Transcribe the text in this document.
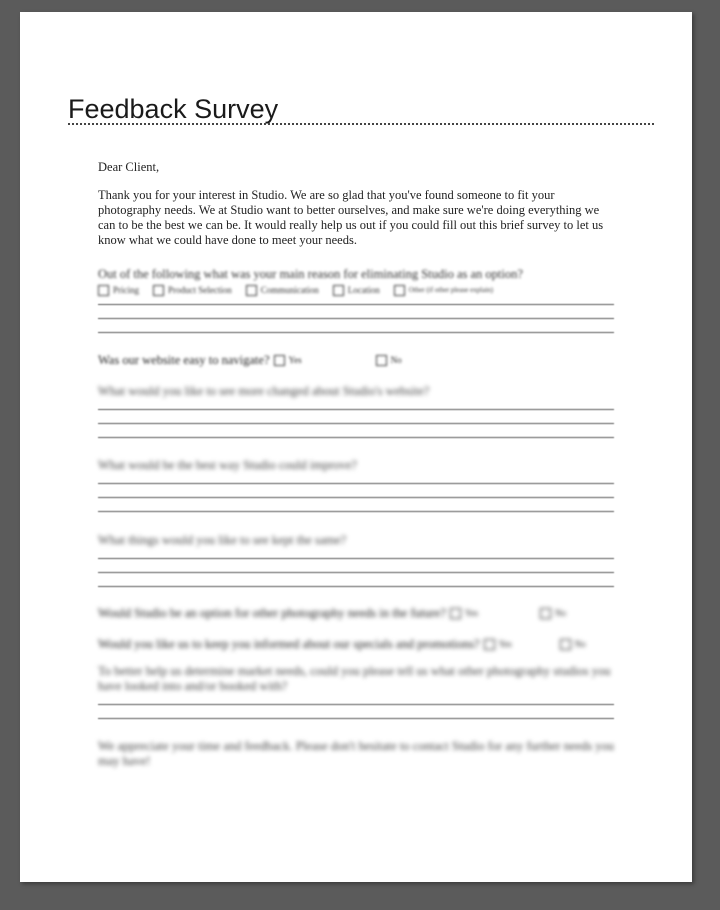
Feedback Survey

Dear Client,

Thank you for your interest in Studio. We are so glad that you've found someone to fit your photography needs. We at Studio want to better ourselves, and make sure we're doing everything we can to be the best we can be. It would really help us out if you could fill out this brief survey to let us know what we could have done to meet your needs.

Out of the following what was your main reason for eliminating Studio as an option?

Pricing	Product Selection	Communication	Location	Other (if other please explain)
Was our website easy to navigate? Yes	No

What would you like to see more changed about Studio's website?

What would be the best way Studio could improve?

What things would you like to see kept the same?

Would Studio be an option for other photography needs in the future? Yes	No
Would you like us to keep you informed about our specials and promotions? Yes	No

To better help us determine market needs, could you please tell us what other photography studios you have looked into and/or booked with?

We appreciate your time and feedback. Please don't hesitate to contact Studio for any further needs you may have!
